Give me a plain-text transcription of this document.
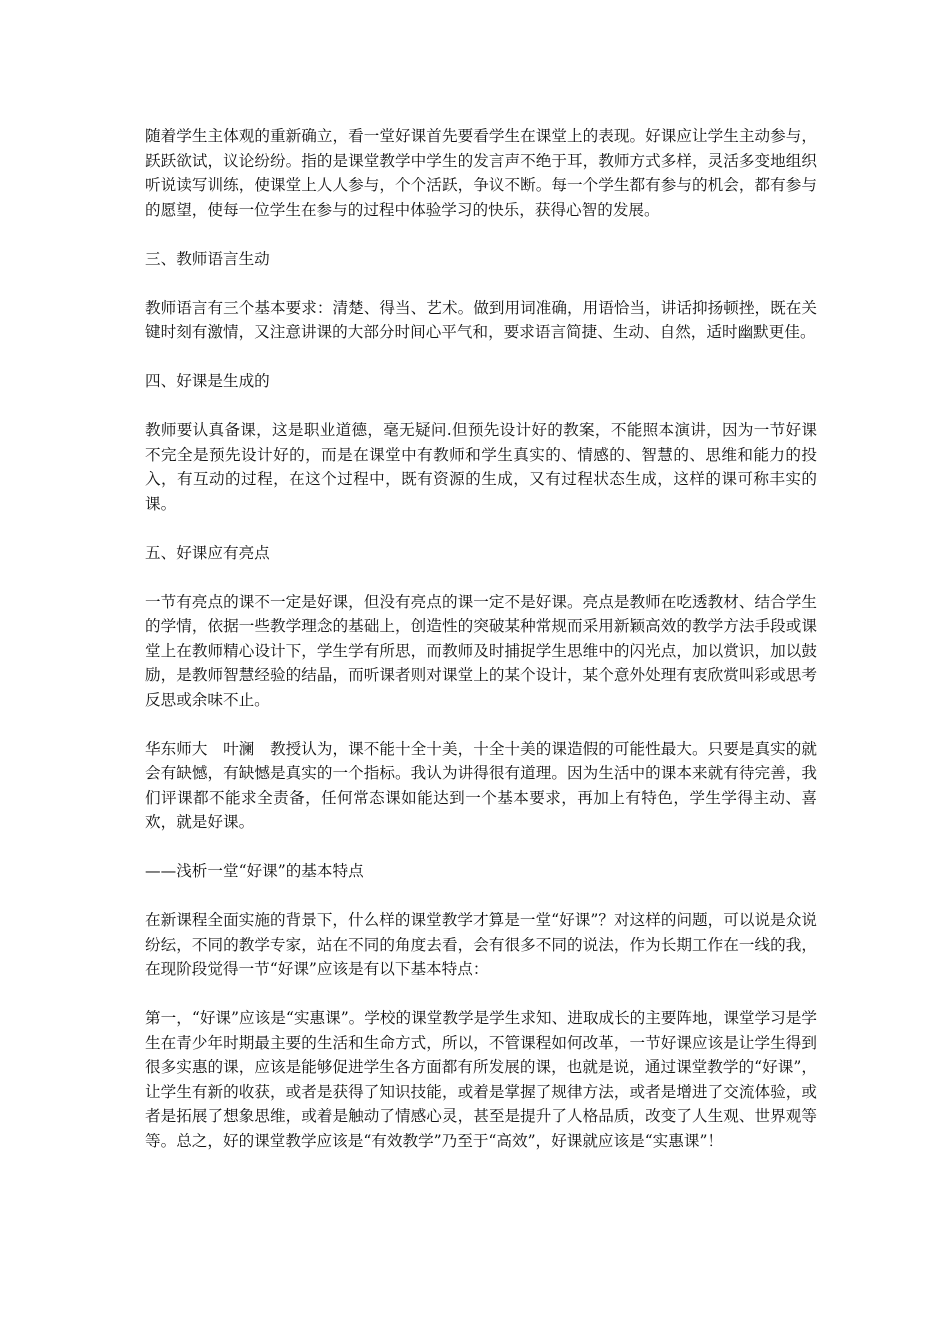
随着学生主体观的重新确立，看一堂好课首先要看学生在课堂上的表现。好课应让学生主动参与，跃跃欲试，议论纷纷。指的是课堂教学中学生的发言声不绝于耳，教师方式多样，灵活多变地组织听说读写训练，使课堂上人人参与，个个活跃，争议不断。每一个学生都有参与的机会，都有参与的愿望，使每一位学生在参与的过程中体验学习的快乐，获得心智的发展。

三、教师语言生动

教师语言有三个基本要求：清楚、得当、艺术。做到用词准确，用语恰当，讲话抑扬顿挫，既在关键时刻有激情，又注意讲课的大部分时间心平气和，要求语言简捷、生动、自然，适时幽默更佳。

四、好课是生成的

教师要认真备课，这是职业道德，毫无疑问.但预先设计好的教案，不能照本演讲，因为一节好课不完全是预先设计好的，而是在课堂中有教师和学生真实的、情感的、智慧的、思维和能力的投入，有互动的过程，在这个过程中，既有资源的生成，又有过程状态生成，这样的课可称丰实的课。

五、好课应有亮点

一节有亮点的课不一定是好课，但没有亮点的课一定不是好课。亮点是教师在吃透教材、结合学生的学情，依据一些教学理念的基础上，创造性的突破某种常规而采用新颖高效的教学方法手段或课堂上在教师精心设计下，学生学有所思，而教师及时捕捉学生思维中的闪光点，加以赏识，加以鼓励，是教师智慧经验的结晶，而听课者则对课堂上的某个设计，某个意外处理有衷欣赏叫彩或思考反思或余味不止。

华东师大　叶澜　教授认为，课不能十全十美，十全十美的课造假的可能性最大。只要是真实的就会有缺憾，有缺憾是真实的一个指标。我认为讲得很有道理。因为生活中的课本来就有待完善，我们评课都不能求全责备，任何常态课如能达到一个基本要求，再加上有特色，学生学得主动、喜欢，就是好课。

——浅析一堂“好课”的基本特点

在新课程全面实施的背景下，什么样的课堂教学才算是一堂“好课”？对这样的问题，可以说是众说纷纭，不同的教学专家，站在不同的角度去看，会有很多不同的说法，作为长期工作在一线的我，在现阶段觉得一节“好课”应该是有以下基本特点：

第一，“好课”应该是“实惠课”。学校的课堂教学是学生求知、进取成长的主要阵地，课堂学习是学生在青少年时期最主要的生活和生命方式，所以，不管课程如何改革，一节好课应该是让学生得到很多实惠的课，应该是能够促进学生各方面都有所发展的课，也就是说，通过课堂教学的“好课”，让学生有新的收获，或者是获得了知识技能，或着是掌握了规律方法，或者是增进了交流体验，或者是拓展了想象思维，或着是触动了情感心灵，甚至是提升了人格品质，改变了人生观、世界观等等。总之，好的课堂教学应该是“有效教学”乃至于“高效”，好课就应该是“实惠课”！
